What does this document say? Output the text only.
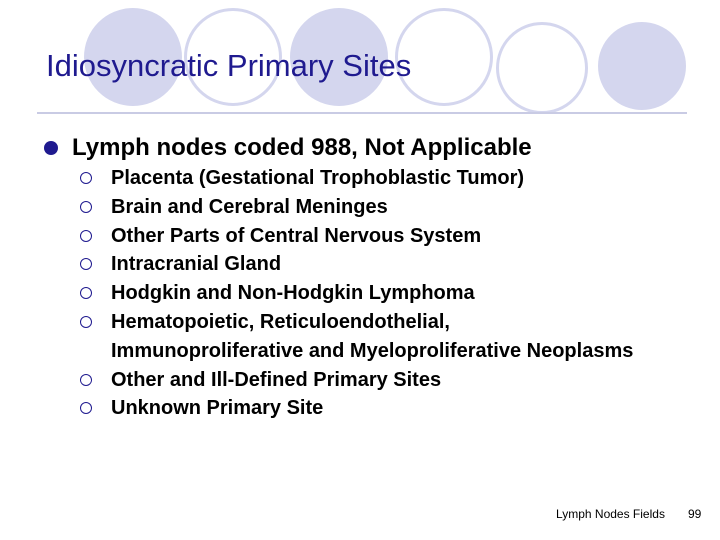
Idiosyncratic Primary Sites
Lymph nodes coded 988, Not Applicable
Placenta (Gestational Trophoblastic Tumor)
Brain and Cerebral Meninges
Other Parts of Central Nervous System
Intracranial Gland
Hodgkin and Non-Hodgkin Lymphoma
Hematopoietic, Reticuloendothelial, Immunoproliferative and Myeloproliferative Neoplasms
Other and Ill-Defined Primary Sites
Unknown Primary Site
Lymph Nodes Fields 99
